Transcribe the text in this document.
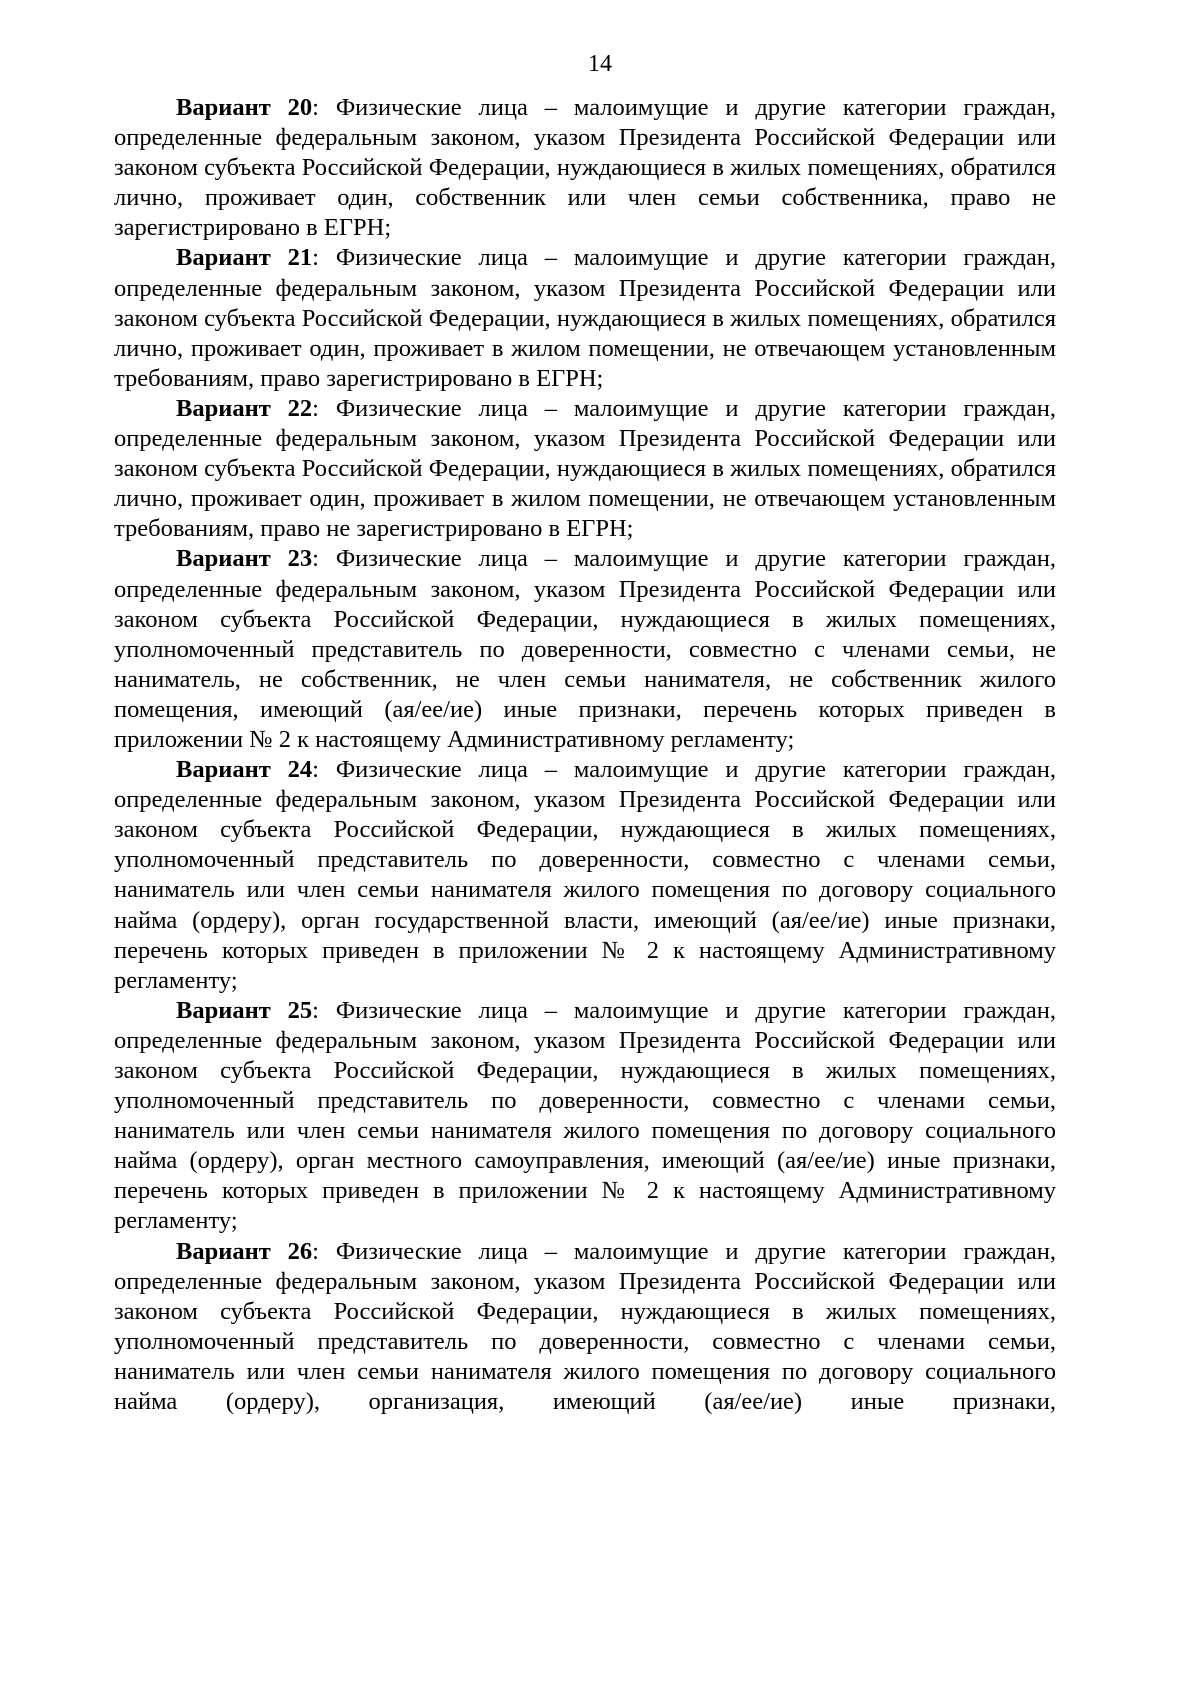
14

Вариант 20: Физические лица – малоимущие и другие категории граждан, определенные федеральным законом, указом Президента Российской Федерации или законом субъекта Российской Федерации, нуждающиеся в жилых помещениях, обратился лично, проживает один, собственник или член семьи собственника, право не зарегистрировано в ЕГРН;

Вариант 21: Физические лица – малоимущие и другие категории граждан, определенные федеральным законом, указом Президента Российской Федерации или законом субъекта Российской Федерации, нуждающиеся в жилых помещениях, обратился лично, проживает один, проживает в жилом помещении, не отвечающем установленным требованиям, право зарегистрировано в ЕГРН;

Вариант 22: Физические лица – малоимущие и другие категории граждан, определенные федеральным законом, указом Президента Российской Федерации или законом субъекта Российской Федерации, нуждающиеся в жилых помещениях, обратился лично, проживает один, проживает в жилом помещении, не отвечающем установленным требованиям, право не зарегистрировано в ЕГРН;

Вариант 23: Физические лица – малоимущие и другие категории граждан, определенные федеральным законом, указом Президента Российской Федерации или законом субъекта Российской Федерации, нуждающиеся в жилых помещениях, уполномоченный представитель по доверенности, совместно с членами семьи, не наниматель, не собственник, не член семьи нанимателя, не собственник жилого помещения, имеющий (ая/ее/ие) иные признаки, перечень которых приведен в приложении № 2 к настоящему Административному регламенту;

Вариант 24: Физические лица – малоимущие и другие категории граждан, определенные федеральным законом, указом Президента Российской Федерации или законом субъекта Российской Федерации, нуждающиеся в жилых помещениях, уполномоченный представитель по доверенности, совместно с членами семьи, наниматель или член семьи нанимателя жилого помещения по договору социального найма (ордеру), орган государственной власти, имеющий (ая/ее/ие) иные признаки, перечень которых приведен в приложении № 2 к настоящему Административному регламенту;

Вариант 25: Физические лица – малоимущие и другие категории граждан, определенные федеральным законом, указом Президента Российской Федерации или законом субъекта Российской Федерации, нуждающиеся в жилых помещениях, уполномоченный представитель по доверенности, совместно с членами семьи, наниматель или член семьи нанимателя жилого помещения по договору социального найма (ордеру), орган местного самоуправления, имеющий (ая/ее/ие) иные признаки, перечень которых приведен в приложении № 2 к настоящему Административному регламенту;

Вариант 26: Физические лица – малоимущие и другие категории граждан, определенные федеральным законом, указом Президента Российской Федерации или законом субъекта Российской Федерации, нуждающиеся в жилых помещениях, уполномоченный представитель по доверенности, совместно с членами семьи, наниматель или член семьи нанимателя жилого помещения по договору социального найма (ордеру), организация, имеющий (ая/ее/ие) иные признаки,
